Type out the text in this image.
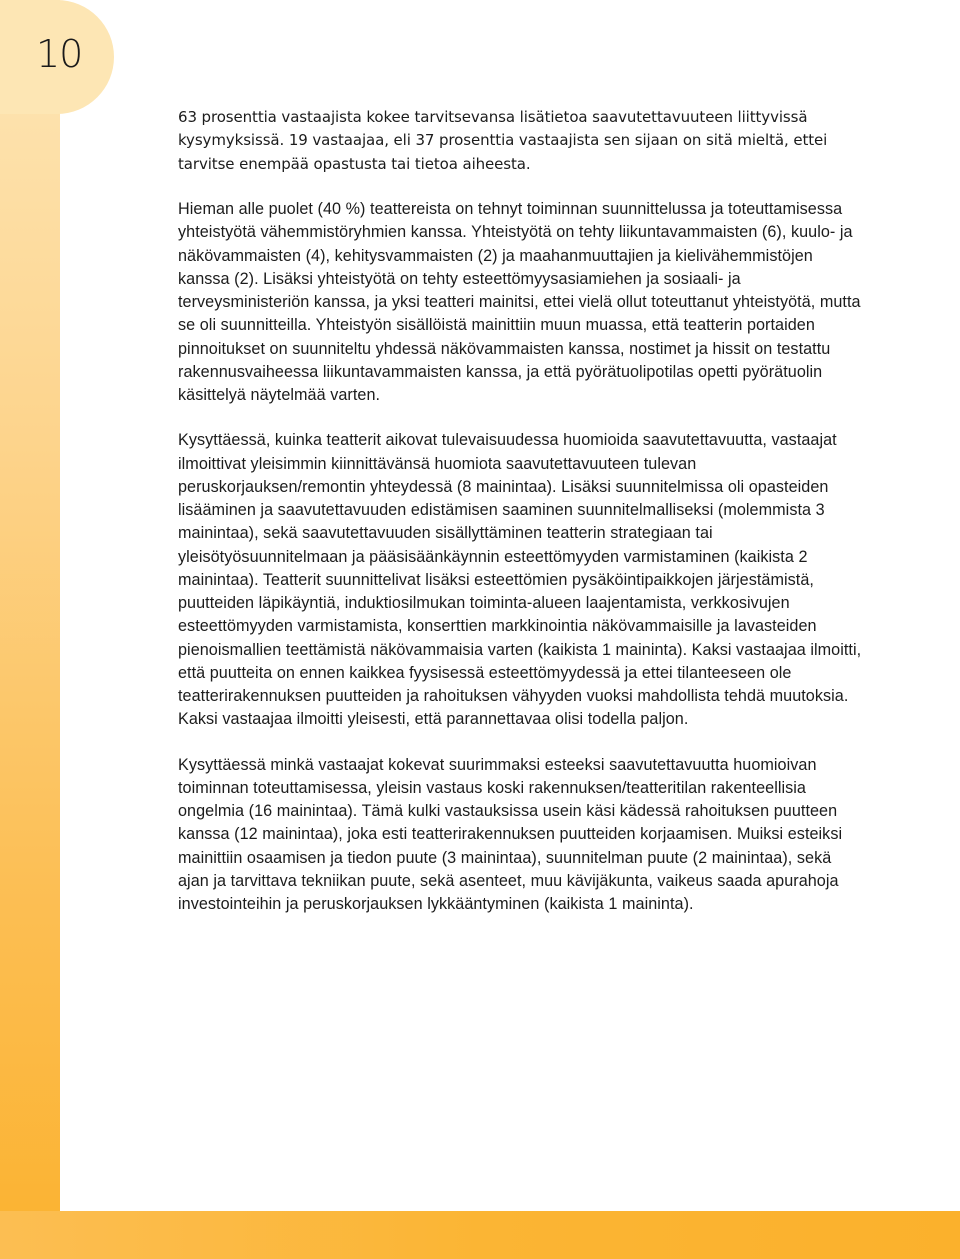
10

63 prosenttia vastaajista kokee tarvitsevansa lisätietoa saavutettavuuteen liittyvissä kysymyksissä. 19 vastaajaa, eli 37 prosenttia vastaajista sen sijaan on sitä mieltä, ettei tarvitse enempää opastusta tai tietoa aiheesta.

Hieman alle puolet (40 %) teattereista on tehnyt toiminnan suunnittelussa ja toteuttamisessa yhteistyötä vähemmistöryhmien kanssa. Yhteistyötä on tehty liikuntavammaisten (6), kuulo- ja näkövammaisten (4), kehitysvammaisten (2) ja maahanmuuttajien ja kielivähemmistöjen kanssa (2). Lisäksi yhteistyötä on tehty esteettömyysasiamiehen ja sosiaali- ja terveysministeriön kanssa, ja yksi teatteri mainitsi, ettei vielä ollut toteuttanut yhteistyötä, mutta se oli suunnitteilla. Yhteistyön sisällöistä mainittiin muun muassa, että teatterin portaiden pinnoitukset on suunniteltu yhdessä näkövammaisten kanssa, nostimet ja hissit on testattu rakennusvaiheessa liikuntavammaisten kanssa, ja että pyörätuolipotilas opetti pyörätuolin käsittelyä näytelmää varten.

Kysyttäessä, kuinka teatterit aikovat tulevaisuudessa huomioida saavutettavuutta, vastaajat ilmoittivat yleisimmin kiinnittävänsä huomiota saavutettavuuteen tulevan peruskorjauksen/remontin yhteydessä (8 mainintaa). Lisäksi suunnitelmissa oli opasteiden lisääminen ja saavutettavuuden edistämisen saaminen suunnitelmalliseksi (molemmista 3 mainintaa), sekä saavutettavuuden sisällyttäminen teatterin strategiaan tai yleisötyösuunnitelmaan ja pääsisäänkäynnin esteettömyyden varmistaminen (kaikista 2 mainintaa). Teatterit suunnittelivat lisäksi esteettömien pysäköintipaikkojen järjestämistä, puutteiden läpikäyntiä, induktiosilmukan toiminta-alueen laajentamista, verkkosivujen esteettömyyden varmistamista, konserttien markkinointia näkövammaisille ja lavasteiden pienoismallien teettämistä näkövammaisia varten (kaikista 1 maininta). Kaksi vastaajaa ilmoitti, että puutteita on ennen kaikkea fyysisessä esteettömyydessä ja ettei tilanteeseen ole teatterirakennuksen puutteiden ja rahoituksen vähyyden vuoksi mahdollista tehdä muutoksia. Kaksi vastaajaa ilmoitti yleisesti, että parannettavaa olisi todella paljon.

Kysyttäessä minkä vastaajat kokevat suurimmaksi esteeksi saavutettavuutta huomioivan toiminnan toteuttamisessa, yleisin vastaus koski rakennuksen/teatteritilan rakenteellisia ongelmia (16 mainintaa). Tämä kulki vastauksissa usein käsi kädessä rahoituksen puutteen kanssa (12 mainintaa), joka esti teatterirakennuksen puutteiden korjaamisen. Muiksi esteiksi mainittiin osaamisen ja tiedon puute (3 mainintaa), suunnitelman puute (2 mainintaa), sekä ajan ja tarvittava tekniikan puute, sekä asenteet, muu kävijäkunta, vaikeus saada apurahoja investointeihin ja peruskorjauksen lykkääntyminen (kaikista 1 maininta).
